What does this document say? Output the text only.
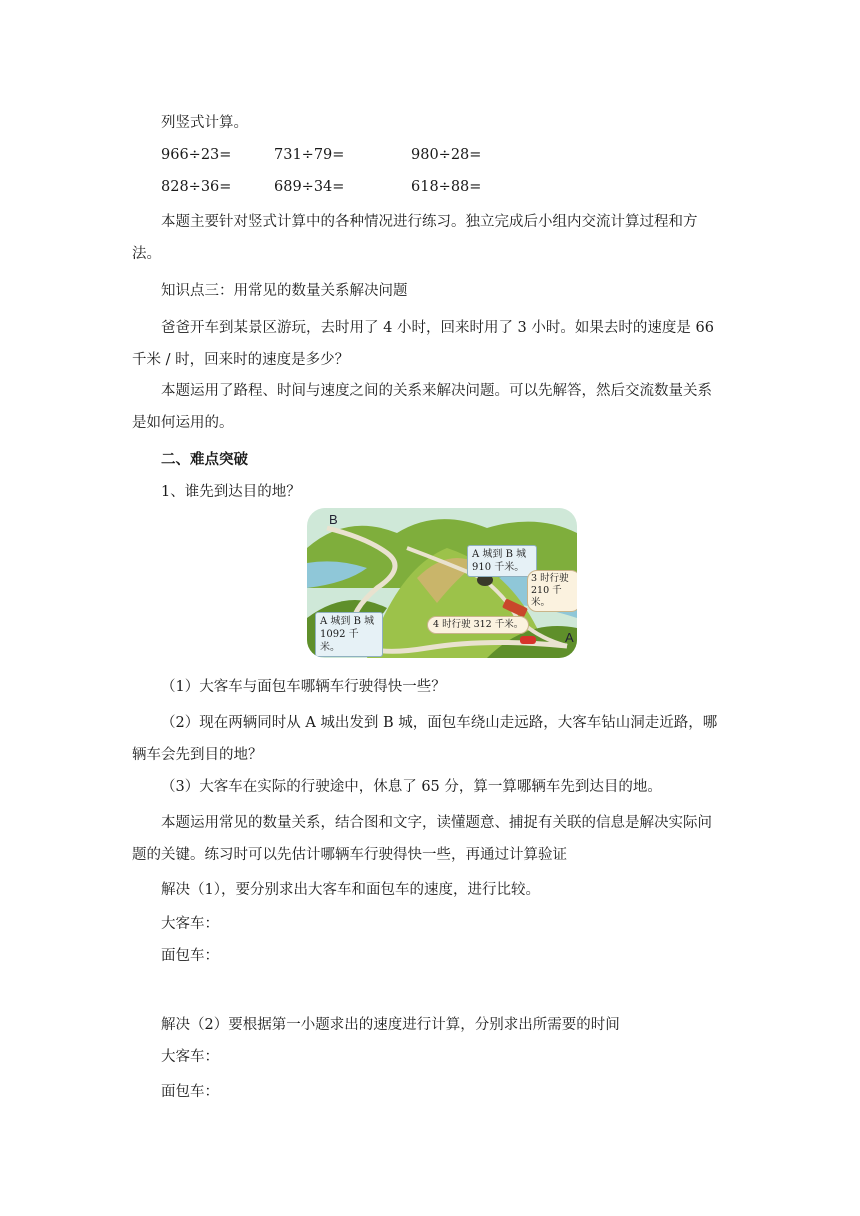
列竖式计算。
966÷23=	731÷79=	980÷28=
828÷36=	689÷34=	618÷88=
本题主要针对竖式计算中的各种情况进行练习。独立完成后小组内交流计算过程和方
法。
知识点三：用常见的数量关系解决问题
爸爸开车到某景区游玩，去时用了 4 小时，回来时用了 3 小时。如果去时的速度是 66
千米 / 时，回来时的速度是多少？
本题运用了路程、时间与速度之间的关系来解决问题。可以先解答，然后交流数量关系
是如何运用的。
二、难点突破
1、谁先到达目的地？
B
A
A 城到 B 城
910 千米。
3 时行驶
210 千米。
A 城到 B 城
1092 千米。
4 时行驶 312 千米。
（1）大客车与面包车哪辆车行驶得快一些？
（2）现在两辆同时从 A 城出发到 B 城，面包车绕山走远路，大客车钻山洞走近路，哪
辆车会先到目的地？
（3）大客车在实际的行驶途中，休息了 65 分，算一算哪辆车先到达目的地。
本题运用常见的数量关系，结合图和文字，读懂题意、捕捉有关联的信息是解决实际问
题的关键。练习时可以先估计哪辆车行驶得快一些，再通过计算验证
解决（1），要分别求出大客车和面包车的速度，进行比较。
大客车：
面包车：
解决（2）要根据第一小题求出的速度进行计算，分别求出所需要的时间
大客车：
面包车：
